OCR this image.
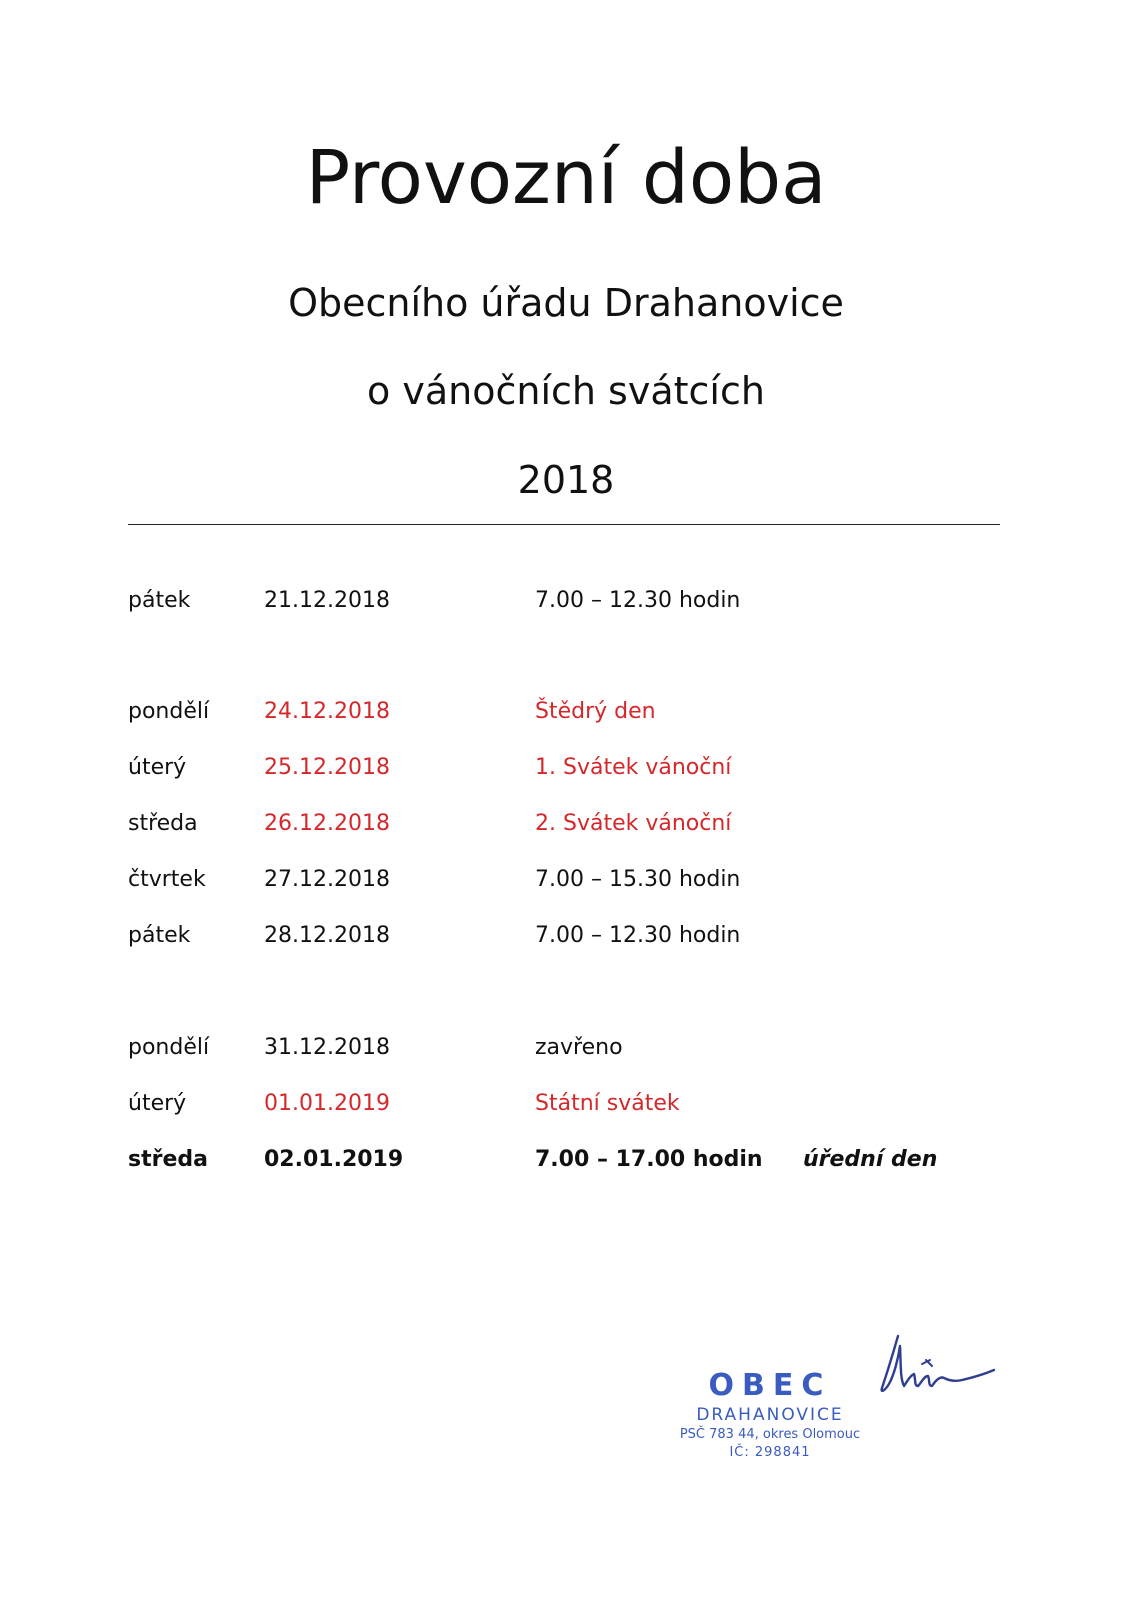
Provozní doba
Obecního úřadu Drahanovice
o vánočních svátcích
2018
pátek	21.12.2018	7.00 – 12.30 hodin
pondělí 24.12.2018	Štědrý den
úterý	25.12.2018	1. Svátek vánoční
středa	26.12.2018	2. Svátek vánoční
čtvrtek	27.12.2018	7.00 – 15.30 hodin
pátek	28.12.2018	7.00 – 12.30 hodin
pondělí 31.12.2018	zavřeno
úterý	01.01.2019	Státní svátek
středa	02.01.2019	7.00 – 17.00 hodin úřední den
OBEC
DRAHANOVICE
PSČ 783 44, okres Olomouc
IČ: 298841
